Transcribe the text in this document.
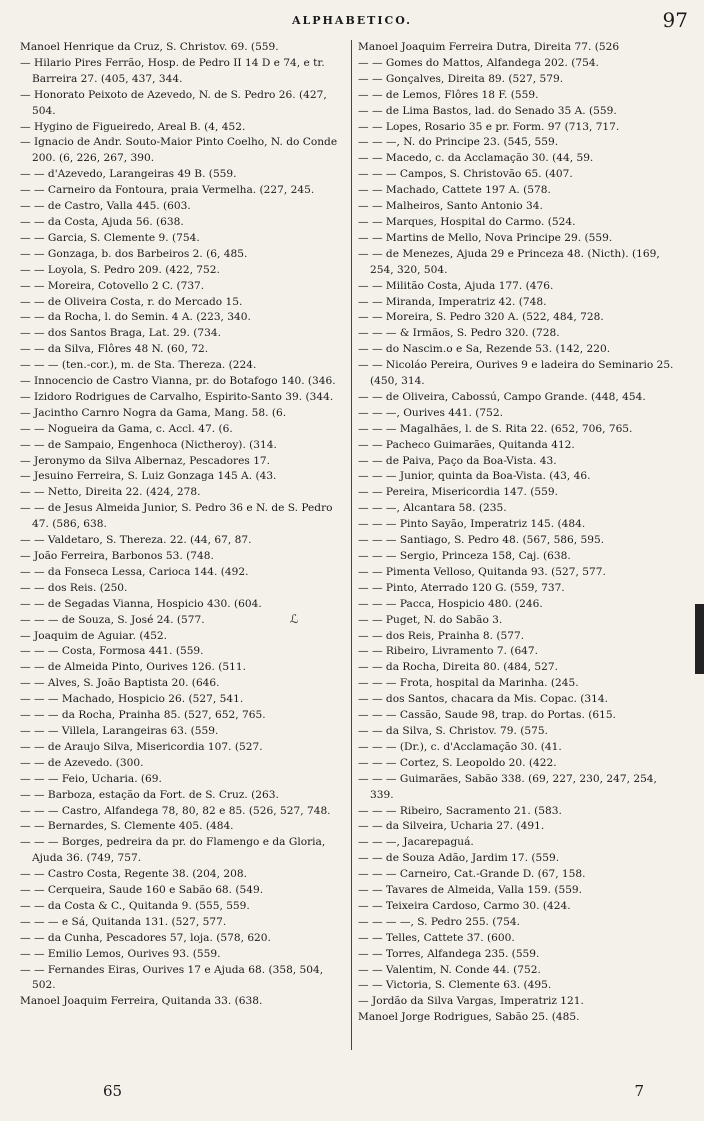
ALPHABETICO.	97

Manoel Henrique da Cruz, S. Christov. 69. (559.

— Hilario Pires Ferrão, Hosp. de Pedro II 14 D e 74, e tr. Barreira 27. (405, 437, 344.

— Honorato Peixoto de Azevedo, N. de S. Pedro 26. (427, 504.

— Hygino de Figueiredo, Areal B. (4, 452.

— Ignacio de Andr. Souto-Maior Pinto Coelho, N. do Conde 200. (6, 226, 267, 390.

— — d'Azevedo, Larangeiras 49 B. (559.

— — Carneiro da Fontoura, praia Vermelha. (227, 245.

— — de Castro, Valla 445. (603.

— — da Costa, Ajuda 56. (638.

— — Garcia, S. Clemente 9. (754.

— — Gonzaga, b. dos Barbeiros 2. (6, 485.

— — Loyola, S. Pedro 209. (422, 752.

— — Moreira, Cotovello 2 C. (737.

— — de Oliveira Costa, r. do Mercado 15.

— — da Rocha, l. do Semin. 4 A. (223, 340.

— — dos Santos Braga, Lat. 29. (734.

— — da Silva, Flôres 48 N. (60, 72.

— — — (ten.-cor.), m. de Sta. Thereza. (224.

— Innocencio de Castro Vianna, pr. do Botafogo 140. (346.

— Izidoro Rodrigues de Carvalho, Espirito-Santo 39. (344.

— Jacintho Carnro Nogra da Gama, Mang. 58. (6.

— — Nogueira da Gama, c. Accl. 47. (6.

— — de Sampaio, Engenhoca (Nictheroy). (314.

— Jeronymo da Silva Albernaz, Pescadores 17.

— Jesuino Ferreira, S. Luiz Gonzaga 145 A. (43.

— — Netto, Direita 22. (424, 278.

— — de Jesus Almeida Junior, S. Pedro 36 e N. de S. Pedro 47. (586, 638.

— — Valdetaro, S. Thereza. 22. (44, 67, 87.

— João Ferreira, Barbonos 53. (748.

— — da Fonseca Lessa, Carioca 144. (492.

— — dos Reis. (250.

— — de Segadas Vianna, Hospicio 430. (604.

— — — de Souza, S. José 24. (577.

— Joaquim de Aguiar. (452.

— — — Costa, Formosa 441. (559.

— — de Almeida Pinto, Ourives 126. (511.

— — Alves, S. João Baptista 20. (646.

— — — Machado, Hospicio 26. (527, 541.

— — — da Rocha, Prainha 85. (527, 652, 765.

— — — Villela, Larangeiras 63. (559.

— — de Araujo Silva, Misericordia 107. (527.

— — de Azevedo. (300.

— — — Feio, Ucharia. (69.

— — Barboza, estação da Fort. de S. Cruz. (263.

— — — Castro, Alfandega 78, 80, 82 e 85. (526, 527, 748.

— — Bernardes, S. Clemente 405. (484.

— — — Borges, pedreira da pr. do Flamengo e da Gloria, Ajuda 36. (749, 757.

— — Castro Costa, Regente 38. (204, 208.

— — Cerqueira, Saude 160 e Sabão 68. (549.

— — da Costa & C., Quitanda 9. (555, 559.

— — — e Sá, Quitanda 131. (527, 577.

— — da Cunha, Pescadores 57, loja. (578, 620.

— — Emilio Lemos, Ourives 93. (559.

— — Fernandes Eiras, Ourives 17 e Ajuda 68. (358, 504, 502.

Manoel Joaquim Ferreira, Quitanda 33. (638.

Manoel Joaquim Ferreira Dutra, Direita 77. (526

— — Gomes do Mattos, Alfandega 202. (754.

— — Gonçalves, Direita 89. (527, 579.

— — de Lemos, Flôres 18 F. (559.

— — de Lima Bastos, lad. do Senado 35 A. (559.

— — Lopes, Rosario 35 e pr. Form. 97 (713, 717.

— — —, N. do Principe 23. (545, 559.

— — Macedo, c. da Acclamação 30. (44, 59.

— — — Campos, S. Christovão 65. (407.

— — Machado, Cattete 197 A. (578.

— — Malheiros, Santo Antonio 34.

— — Marques, Hospital do Carmo. (524.

— — Martins de Mello, Nova Principe 29. (559.

— — de Menezes, Ajuda 29 e Princeza 48. (Nicth). (169, 254, 320, 504.

— — Militão Costa, Ajuda 177. (476.

— — Miranda, Imperatriz 42. (748.

— — Moreira, S. Pedro 320 A. (522, 484, 728.

— — — & Irmãos, S. Pedro 320. (728.

— — do Nascim.o e Sa, Rezende 53. (142, 220.

— — Nicoláo Pereira, Ourives 9 e ladeira do Seminario 25. (450, 314.

— — de Oliveira, Cabossú, Campo Grande. (448, 454.

— — —, Ourives 441. (752.

— — — Magalhães, l. de S. Rita 22. (652, 706, 765.

— — Pacheco Guimarães, Quitanda 412.

— — de Paiva, Paço da Boa-Vista. 43.

— — — Junior, quinta da Boa-Vista. (43, 46.

— — Pereira, Misericordia 147. (559.

— — —, Alcantara 58. (235.

— — — Pinto Sayão, Imperatriz 145. (484.

— — — Santiago, S. Pedro 48. (567, 586, 595.

— — — Sergio, Princeza 158, Caj. (638.

— — Pimenta Velloso, Quitanda 93. (527, 577.

— — Pinto, Aterrado 120 G. (559, 737.

— — — Pacca, Hospicio 480. (246.

— — Puget, N. do Sabão 3.

— — dos Reis, Prainha 8. (577.

— — Ribeiro, Livramento 7. (647.

— — da Rocha, Direita 80. (484, 527.

— — — Frota, hospital da Marinha. (245.

— — dos Santos, chacara da Mis. Copac. (314.

— — — Cassão, Saude 98, trap. do Portas. (615.

— — da Silva, S. Christov. 79. (575.

— — — (Dr.), c. d'Acclamação 30. (41.

— — — Cortez, S. Leopoldo 20. (422.

— — — Guimarães, Sabão 338. (69, 227, 230, 247, 254, 339.

— — — Ribeiro, Sacramento 21. (583.

— — da Silveira, Ucharia 27. (491.

— — —, Jacarepaguá.

— — de Souza Adão, Jardim 17. (559.

— — — Carneiro, Cat.-Grande D. (67, 158.

— — Tavares de Almeida, Valla 159. (559.

— — Teixeira Cardoso, Carmo 30. (424.

— — — —, S. Pedro 255. (754.

— — Telles, Cattete 37. (600.

— — Torres, Alfandega 235. (559.

— — Valentim, N. Conde 44. (752.

— — Victoria, S. Clemente 63. (495.

— Jordão da Silva Vargas, Imperatriz 121.

Manoel Jorge Rodrigues, Sabão 25. (485.

ℒ
65	7
